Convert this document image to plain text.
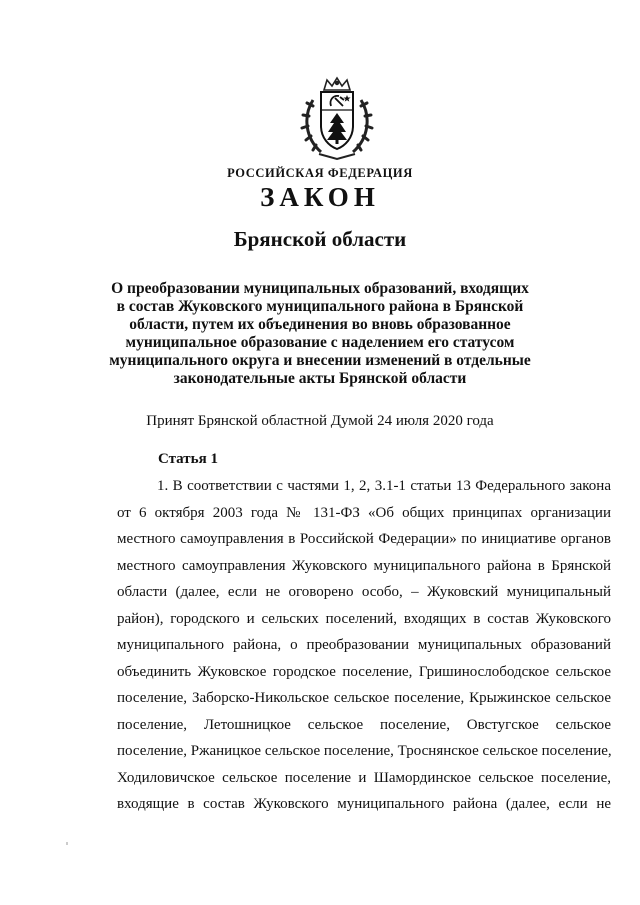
РОССИЙСКАЯ ФЕДЕРАЦИЯ
ЗАКОН
Брянской области
О преобразовании муниципальных образований, входящих
в состав Жуковского муниципального района в Брянской
области, путем их объединения во вновь образованное
муниципальное образование с наделением его статусом
муниципального округа и внесении изменений в отдельные
законодательные акты Брянской области
Принят Брянской областной Думой 24 июля 2020 года
Статья 1
1. В соответствии с частями 1, 2, 3.1-1 статьи 13 Федерального закона
от 6 октября 2003 года № 131-ФЗ «Об общих принципах организации
местного самоуправления в Российской Федерации» по инициативе органов
местного самоуправления Жуковского муниципального района в Брянской
области (далее, если не оговорено особо, – Жуковский муниципальный
район), городского и сельских поселений, входящих в состав Жуковского
муниципального района, о преобразовании муниципальных образований
объединить Жуковское городское поселение, Гришинослободское сельское
поселение, Заборско-Никольское сельское поселение, Крыжинское сельское
поселение, Летошницкое сельское поселение, Овстугское сельское
поселение, Ржаницкое сельское поселение, Троснянское сельское поселение,
Ходиловичское сельское поселение и Шамординское сельское поселение,
входящие в состав Жуковского муниципального района (далее, если не
